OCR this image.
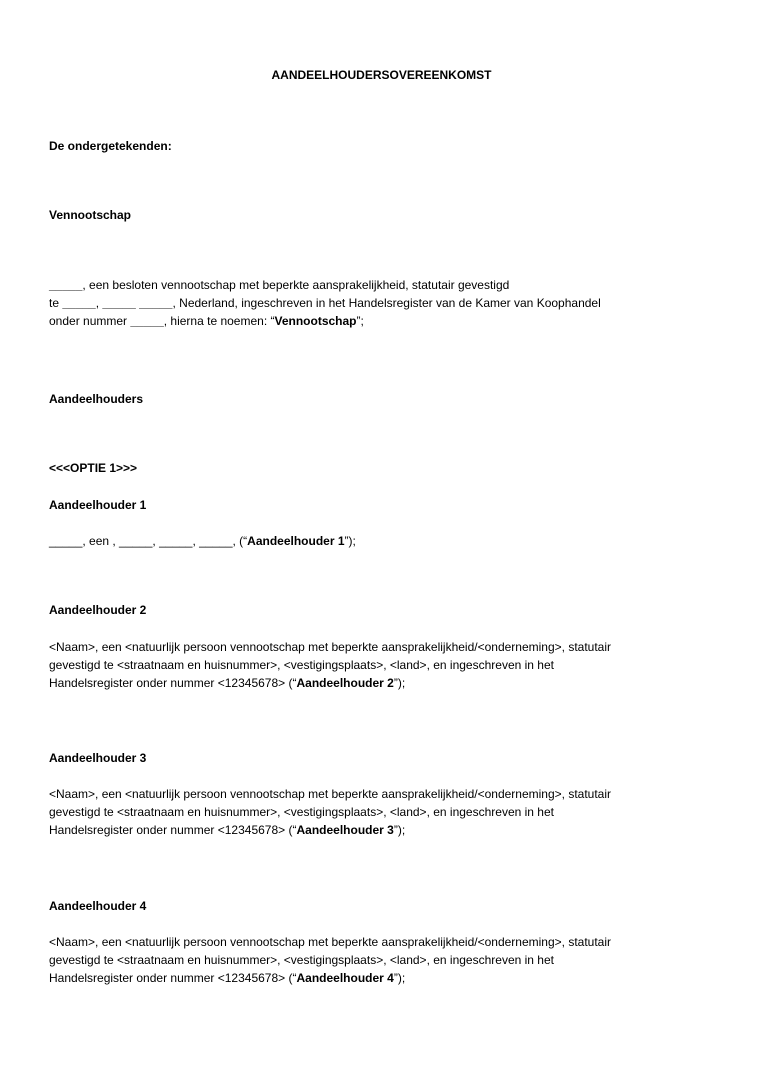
AANDEELHOUDERSOVEREENKOMST
De ondergetekenden:
Vennootschap
_____, een besloten vennootschap met beperkte aansprakelijkheid, statutair gevestigd
te _____, _____ _____, Nederland, ingeschreven in het Handelsregister van de Kamer van Koophandel
onder nummer _____, hierna te noemen: “Vennootschap”;
Aandeelhouders
<<<OPTIE 1>>>
Aandeelhouder 1
_____, een , _____, _____, _____, (“Aandeelhouder 1”);
Aandeelhouder 2
<Naam>, een <natuurlijk persoon vennootschap met beperkte aansprakelijkheid/<onderneming>, statutair
gevestigd te <straatnaam en huisnummer>, <vestigingsplaats>, <land>, en ingeschreven in het
Handelsregister onder nummer <12345678> (“Aandeelhouder 2”);
Aandeelhouder 3
<Naam>, een <natuurlijk persoon vennootschap met beperkte aansprakelijkheid/<onderneming>, statutair
gevestigd te <straatnaam en huisnummer>, <vestigingsplaats>, <land>, en ingeschreven in het
Handelsregister onder nummer <12345678> (“Aandeelhouder 3”);
Aandeelhouder 4
<Naam>, een <natuurlijk persoon vennootschap met beperkte aansprakelijkheid/<onderneming>, statutair
gevestigd te <straatnaam en huisnummer>, <vestigingsplaats>, <land>, en ingeschreven in het
Handelsregister onder nummer <12345678> (“Aandeelhouder 4”);
